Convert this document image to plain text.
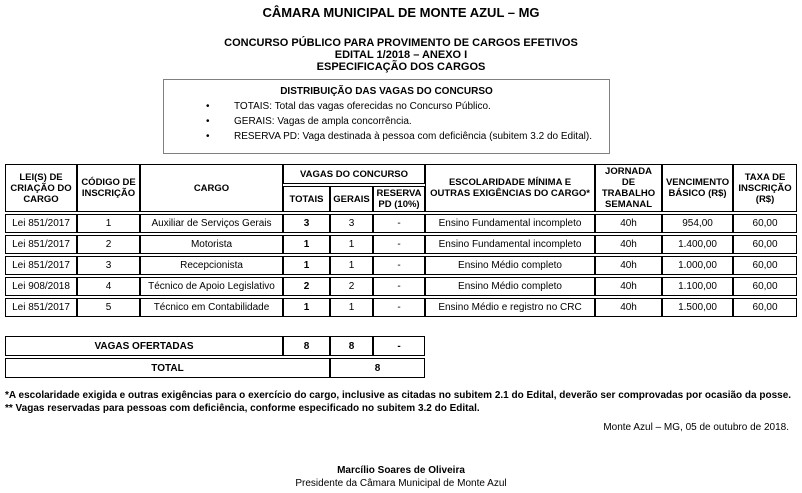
CÂMARA MUNICIPAL DE MONTE AZUL – MG
CONCURSO PÚBLICO PARA PROVIMENTO DE CARGOS EFETIVOS
EDITAL 1/2018 – ANEXO I
ESPECIFICAÇÃO DOS CARGOS
DISTRIBUIÇÃO DAS VAGAS DO CONCURSO
•	TOTAIS: Total das vagas oferecidas no Concurso Público.
•	GERAIS: Vagas de ampla concorrência.
•	RESERVA PD: Vaga destinada à pessoa com deficiência (subitem 3.2 do Edital).
LEI(S) DE CRIAÇÃO DO CARGO	CÓDIGO DE INSCRIÇÃO	CARGO	VAGAS DO CONCURSO			ESCOLARIDADE MÍNIMA E OUTRAS EXIGÊNCIAS DO CARGO*	JORNADA DE TRABALHO SEMANAL	VENCIMENTO BÁSICO (R$)	TAXA DE INSCRIÇÃO (R$)
			TOTAIS	GERAIS	RESERVA PD (10%)				
Lei 851/2017	1	Auxiliar de Serviços Gerais	3	3	-	Ensino Fundamental incompleto	40h	954,00	60,00
Lei 851/2017	2	Motorista	1	1	-	Ensino Fundamental incompleto	40h	1.400,00	60,00
Lei 851/2017	3	Recepcionista	1	1	-	Ensino Médio completo	40h	1.000,00	60,00
Lei 908/2018	4	Técnico de Apoio Legislativo	2	2	-	Ensino Médio completo	40h	1.100,00	60,00
Lei 851/2017	5	Técnico em Contabilidade	1	1	-	Ensino Médio e registro no CRC	40h	1.500,00	60,00
VAGAS OFERTADAS	8	8	-
TOTAL		8	
*A escolaridade exigida e outras exigências para o exercício do cargo, inclusive as citadas no subitem 2.1 do Edital, deverão ser comprovadas por ocasião da posse.
** Vagas reservadas para pessoas com deficiência, conforme especificado no subitem 3.2 do Edital.
Monte Azul – MG, 05 de outubro de 2018.
Marcílio Soares de Oliveira
Presidente da Câmara Municipal de Monte Azul
